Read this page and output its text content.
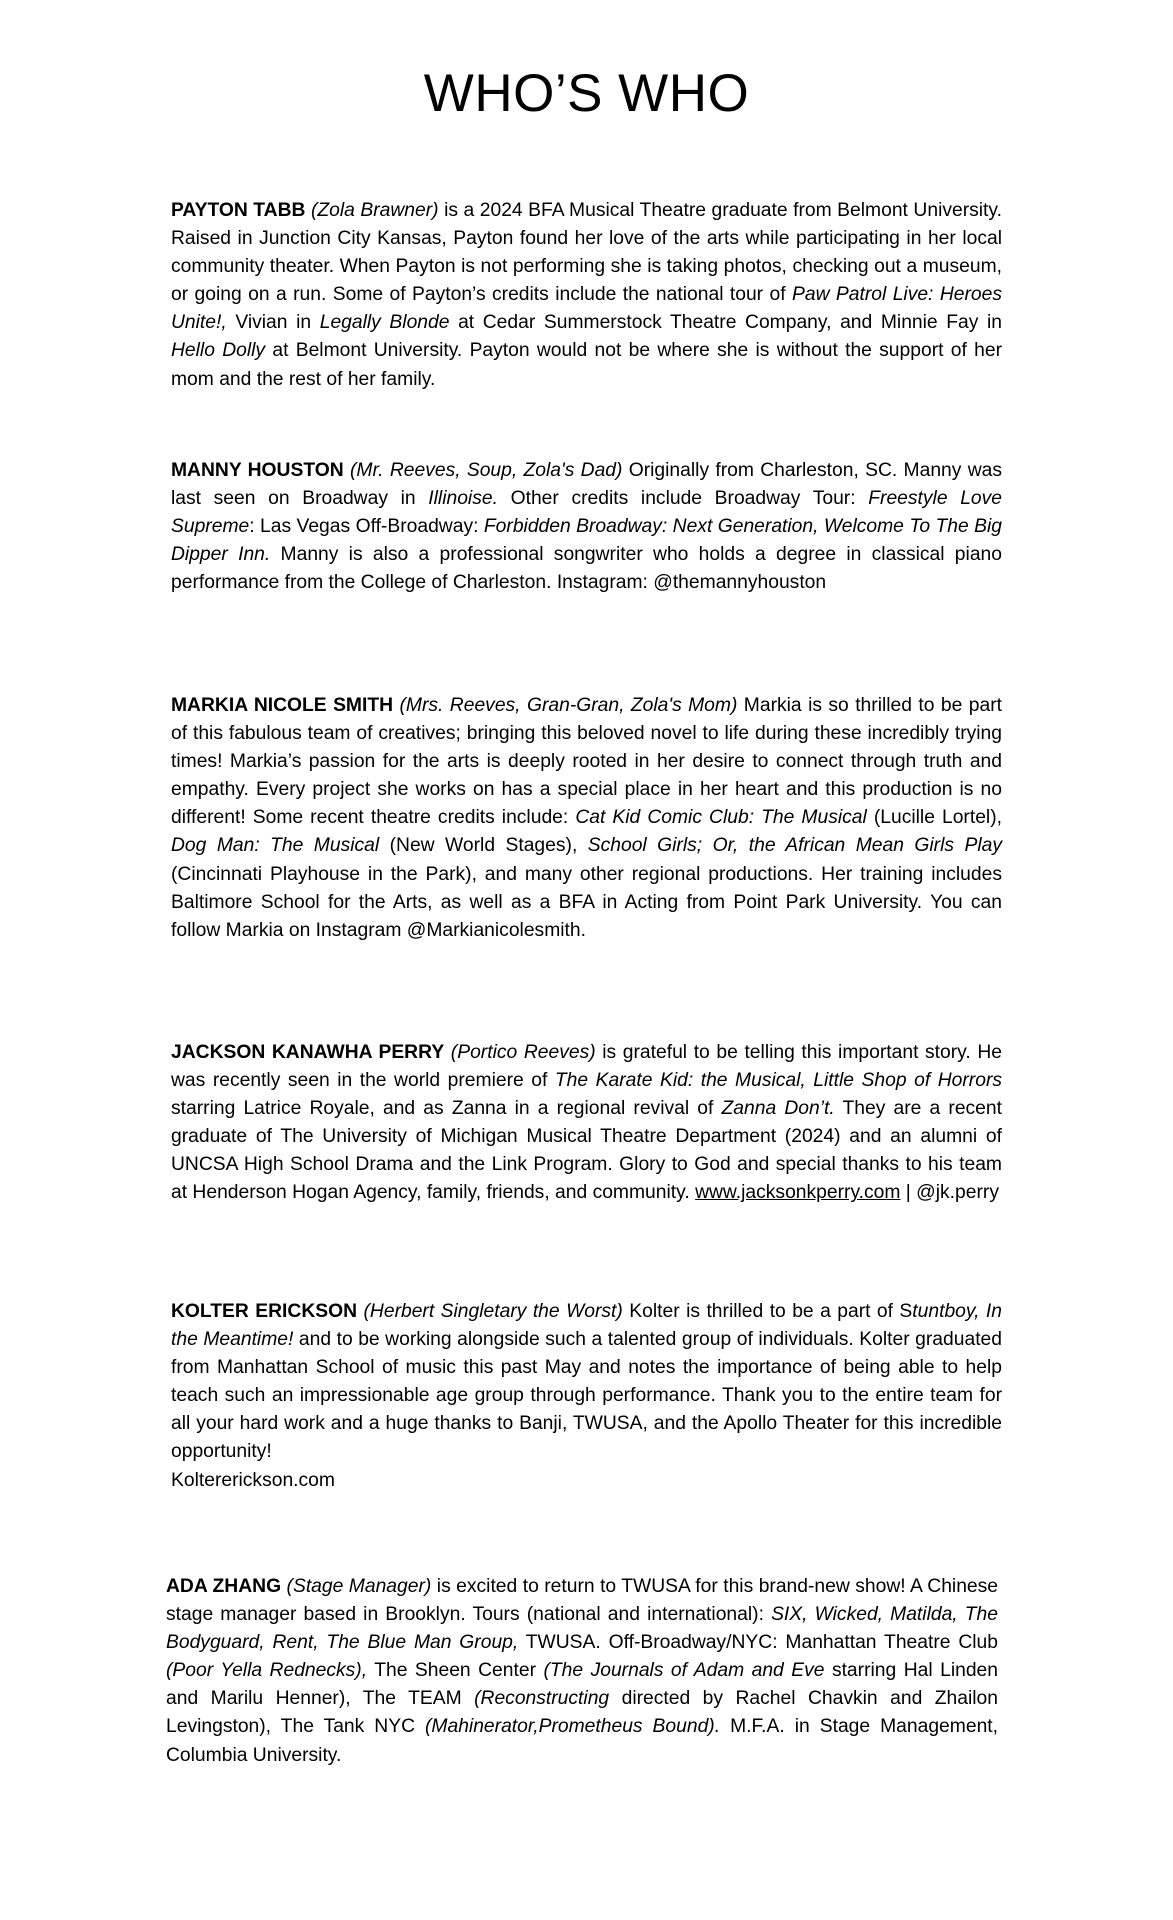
WHO’S WHO

PAYTON TABB (Zola Brawner) is a 2024 BFA Musical Theatre graduate from Belmont University. Raised in Junction City Kansas, Payton found her love of the arts while participating in her local community theater. When Payton is not performing she is taking photos, checking out a museum, or going on a run. Some of Payton’s credits include the national tour of Paw Patrol Live: Heroes Unite!, Vivian in Legally Blonde at Cedar Summerstock Theatre Company, and Minnie Fay in Hello Dolly at Belmont University. Payton would not be where she is without the support of her mom and the rest of her family.

MANNY HOUSTON (Mr. Reeves, Soup, Zola's Dad) Originally from Charleston, SC. Manny was last seen on Broadway in Illinoise. Other credits include Broadway Tour: Freestyle Love Supreme: Las Vegas Off-Broadway: Forbidden Broadway: Next Generation, Welcome To The Big Dipper Inn. Manny is also a professional songwriter who holds a degree in classical piano performance from the College of Charleston. Instagram: @themannyhouston

MARKIA NICOLE SMITH (Mrs. Reeves, Gran-Gran, Zola's Mom) Markia is so thrilled to be part of this fabulous team of creatives; bringing this beloved novel to life during these incredibly trying times! Markia’s passion for the arts is deeply rooted in her desire to connect through truth and empathy. Every project she works on has a special place in her heart and this production is no different! Some recent theatre credits include: Cat Kid Comic Club: The Musical (Lucille Lortel), Dog Man: The Musical (New World Stages), School Girls; Or, the African Mean Girls Play (Cincinnati Playhouse in the Park), and many other regional productions. Her training includes Baltimore School for the Arts, as well as a BFA in Acting from Point Park University. You can follow Markia on Instagram @Markianicolesmith.

JACKSON KANAWHA PERRY (Portico Reeves) is grateful to be telling this important story. He was recently seen in the world premiere of The Karate Kid: the Musical, Little Shop of Horrors starring Latrice Royale, and as Zanna in a regional revival of Zanna Don’t. They are a recent graduate of The University of Michigan Musical Theatre Department (2024) and an alumni of UNCSA High School Drama and the Link Program. Glory to God and special thanks to his team at Henderson Hogan Agency, family, friends, and community. www.jacksonkperry.com | @jk.perry

KOLTER ERICKSON (Herbert Singletary the Worst) Kolter is thrilled to be a part of Stuntboy, In the Meantime! and to be working alongside such a talented group of individuals. Kolter graduated from Manhattan School of music this past May and notes the importance of being able to help teach such an impressionable age group through performance. Thank you to the entire team for all your hard work and a huge thanks to Banji, TWUSA, and the Apollo Theater for this incredible opportunity!
Koltererickson.com

ADA ZHANG (Stage Manager) is excited to return to TWUSA for this brand-new show! A Chinese stage manager based in Brooklyn. Tours (national and international): SIX, Wicked, Matilda, The Bodyguard, Rent, The Blue Man Group, TWUSA. Off-Broadway/NYC: Manhattan Theatre Club (Poor Yella Rednecks), The Sheen Center (The Journals of Adam and Eve starring Hal Linden and Marilu Henner), The TEAM (Reconstructing directed by Rachel Chavkin and Zhailon Levingston), The Tank NYC (Mahinerator,Prometheus Bound). M.F.A. in Stage Management, Columbia University.
